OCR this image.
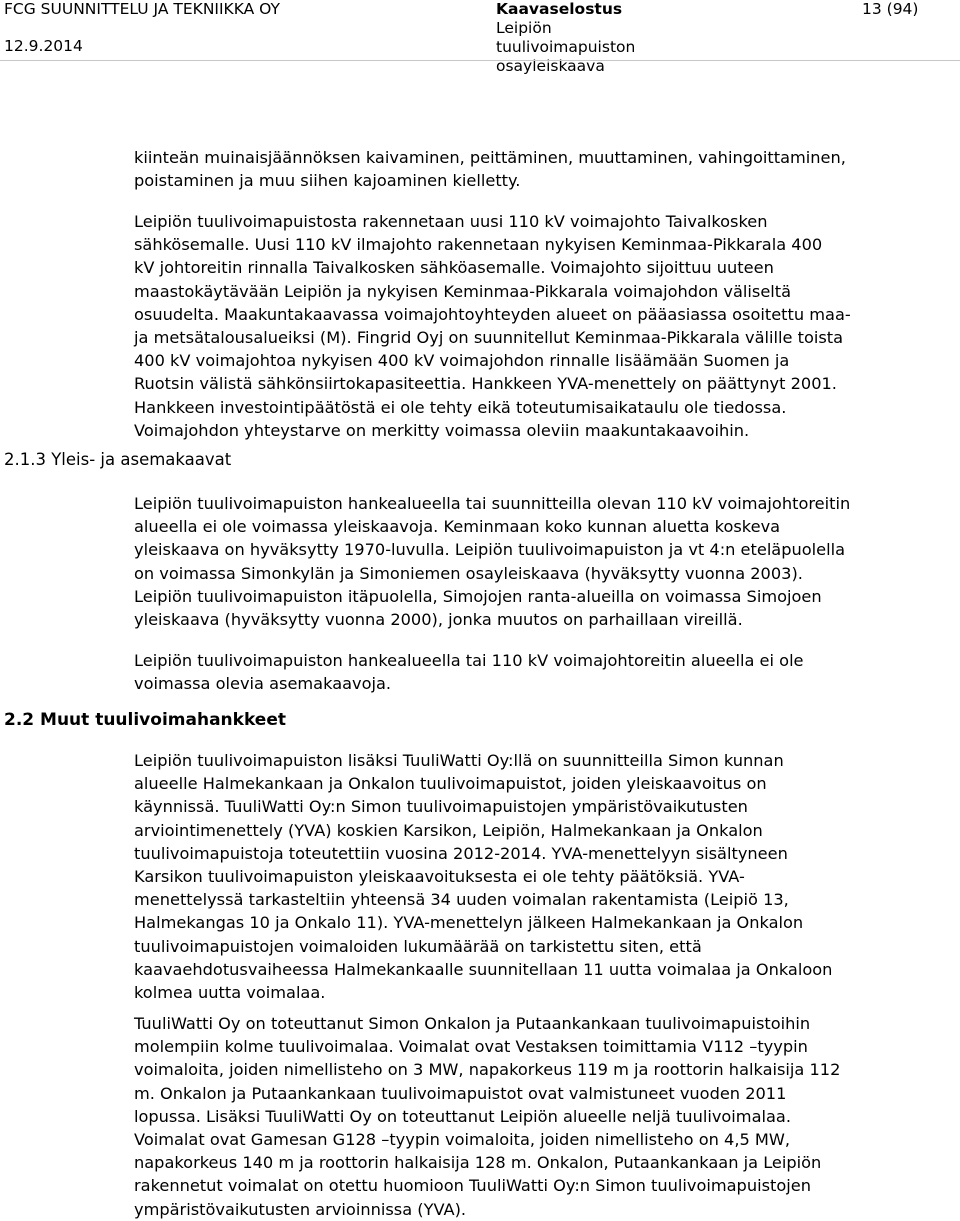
FCG SUUNNITTELU JA TEKNIIKKA OY
12.9.2014
Kaavaselostus
Leipiön
tuulivoimapuiston
osayleiskaava
13 (94)

kiinteän muinaisjäännöksen kaivaminen, peittäminen, muuttaminen, vahingoittaminen,
poistaminen ja muu siihen kajoaminen kielletty.

Leipiön tuulivoimapuistosta rakennetaan uusi 110 kV voimajohto Taivalkosken
sähkösemalle. Uusi 110 kV ilmajohto rakennetaan nykyisen Keminmaa-Pikkarala 400
kV johtoreitin rinnalla Taivalkosken sähköasemalle. Voimajohto sijoittuu uuteen
maastokäytävään Leipiön ja nykyisen Keminmaa-Pikkarala voimajohdon väliseltä
osuudelta. Maakuntakaavassa voimajohtoyhteyden alueet on pääasiassa osoitettu maa-
ja metsätalousalueiksi (M). Fingrid Oyj on suunnitellut Keminmaa-Pikkarala välille toista
400 kV voimajohtoa nykyisen 400 kV voimajohdon rinnalle lisäämään Suomen ja
Ruotsin välistä sähkönsiirtokapasiteettia. Hankkeen YVA-menettely on päättynyt 2001.
Hankkeen investointipäätöstä ei ole tehty eikä toteutumisaikataulu ole tiedossa.
Voimajohdon yhteystarve on merkitty voimassa oleviin maakuntakaavoihin.

2.1.3 Yleis- ja asemakaavat

Leipiön tuulivoimapuiston hankealueella tai suunnitteilla olevan 110 kV voimajohtoreitin
alueella ei ole voimassa yleiskaavoja. Keminmaan koko kunnan aluetta koskeva
yleiskaava on hyväksytty 1970-luvulla. Leipiön tuulivoimapuiston ja vt 4:n eteläpuolella
on voimassa Simonkylän ja Simoniemen osayleiskaava (hyväksytty vuonna 2003).
Leipiön tuulivoimapuiston itäpuolella, Simojojen ranta-alueilla on voimassa Simojoen
yleiskaava (hyväksytty vuonna 2000), jonka muutos on parhaillaan vireillä.

Leipiön tuulivoimapuiston hankealueella tai 110 kV voimajohtoreitin alueella ei ole
voimassa olevia asemakaavoja.

2.2 Muut tuulivoimahankkeet

Leipiön tuulivoimapuiston lisäksi TuuliWatti Oy:llä on suunnitteilla Simon kunnan
alueelle Halmekankaan ja Onkalon tuulivoimapuistot, joiden yleiskaavoitus on
käynnissä. TuuliWatti Oy:n Simon tuulivoimapuistojen ympäristövaikutusten
arviointimenettely (YVA) koskien Karsikon, Leipiön, Halmekankaan ja Onkalon
tuulivoimapuistoja toteutettiin vuosina 2012-2014. YVA-menettelyyn sisältyneen
Karsikon tuulivoimapuiston yleiskaavoituksesta ei ole tehty päätöksiä. YVA-
menettelyssä tarkasteltiin yhteensä 34 uuden voimalan rakentamista (Leipiö 13,
Halmekangas 10 ja Onkalo 11). YVA-menettelyn jälkeen Halmekankaan ja Onkalon
tuulivoimapuistojen voimaloiden lukumäärää on tarkistettu siten, että
kaavaehdotusvaiheessa Halmekankaalle suunnitellaan 11 uutta voimalaa ja Onkaloon
kolmea uutta voimalaa.

TuuliWatti Oy on toteuttanut Simon Onkalon ja Putaankankaan tuulivoimapuistoihin
molempiin kolme tuulivoimalaa. Voimalat ovat Vestaksen toimittamia V112 –tyypin
voimaloita, joiden nimellisteho on 3 MW, napakorkeus 119 m ja roottorin halkaisija 112
m. Onkalon ja Putaankankaan tuulivoimapuistot ovat valmistuneet vuoden 2011
lopussa. Lisäksi TuuliWatti Oy on toteuttanut Leipiön alueelle neljä tuulivoimalaa.
Voimalat ovat Gamesan G128 –tyypin voimaloita, joiden nimellisteho on 4,5 MW,
napakorkeus 140 m ja roottorin halkaisija 128 m. Onkalon, Putaankankaan ja Leipiön
rakennetut voimalat on otettu huomioon TuuliWatti Oy:n Simon tuulivoimapuistojen
ympäristövaikutusten arvioinnissa (YVA).
